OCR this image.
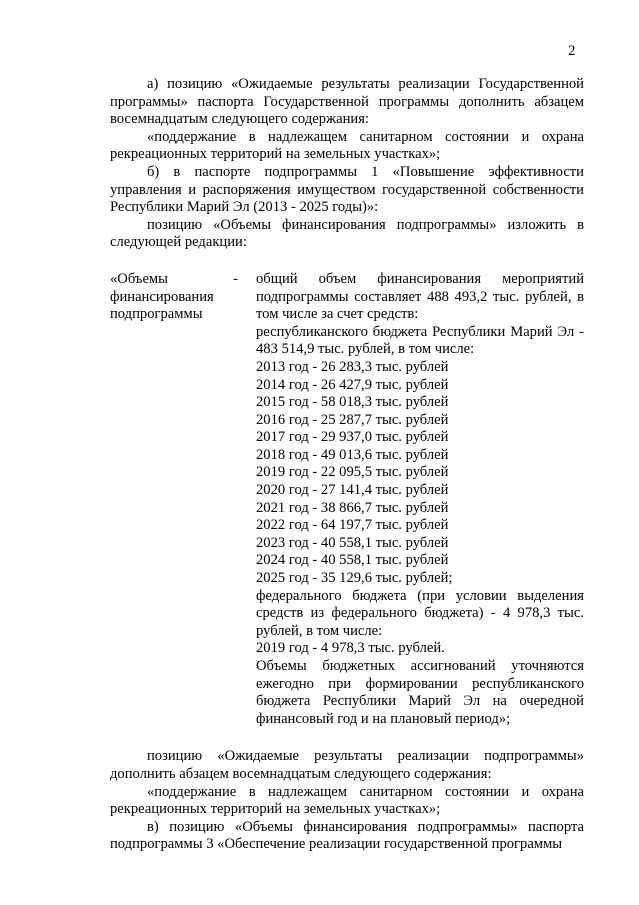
2

а) позицию «Ожидаемые результаты реализации Государственной программы» паспорта Государственной программы дополнить абзацем восемнадцатым следующего содержания:

«поддержание в надлежащем санитарном состоянии и охрана рекреационных территорий на земельных участках»;

б) в паспорте подпрограммы 1 «Повышение эффективности управления и распоряжения имуществом государственной собственности Республики Марий Эл (2013 - 2025 годы)»:

позицию «Объемы финансирования подпрограммы» изложить в следующей редакции:

-
«Объемы финансирования подпрограммы

общий объем финансирования мероприятий подпрограммы составляет 488 493,2 тыс. рублей, в том числе за счет средств:

республиканского бюджета Республики Марий Эл - 483 514,9 тыс. рублей, в том числе:

2013 год - 26 283,3 тыс. рублей
2014 год - 26 427,9 тыс. рублей
2015 год - 58 018,3 тыс. рублей
2016 год - 25 287,7 тыс. рублей
2017 год - 29 937,0 тыс. рублей
2018 год - 49 013,6 тыс. рублей
2019 год - 22 095,5 тыс. рублей
2020 год - 27 141,4 тыс. рублей
2021 год - 38 866,7 тыс. рублей
2022 год - 64 197,7 тыс. рублей
2023 год - 40 558,1 тыс. рублей
2024 год - 40 558,1 тыс. рублей
2025 год - 35 129,6 тыс. рублей;

федерального бюджета (при условии выделения средств из федерального бюджета) - 4 978,3 тыс. рублей, в том числе:

2019 год - 4 978,3 тыс. рублей.

Объемы бюджетных ассигнований уточняются ежегодно при формировании республиканского бюджета Республики Марий Эл на очередной финансовый год и на плановый период»;

позицию «Ожидаемые результаты реализации подпрограммы» дополнить абзацем восемнадцатым следующего содержания:

«поддержание в надлежащем санитарном состоянии и охрана рекреационных территорий на земельных участках»;

в) позицию «Объемы финансирования подпрограммы» паспорта подпрограммы 3 «Обеспечение реализации государственной программы
